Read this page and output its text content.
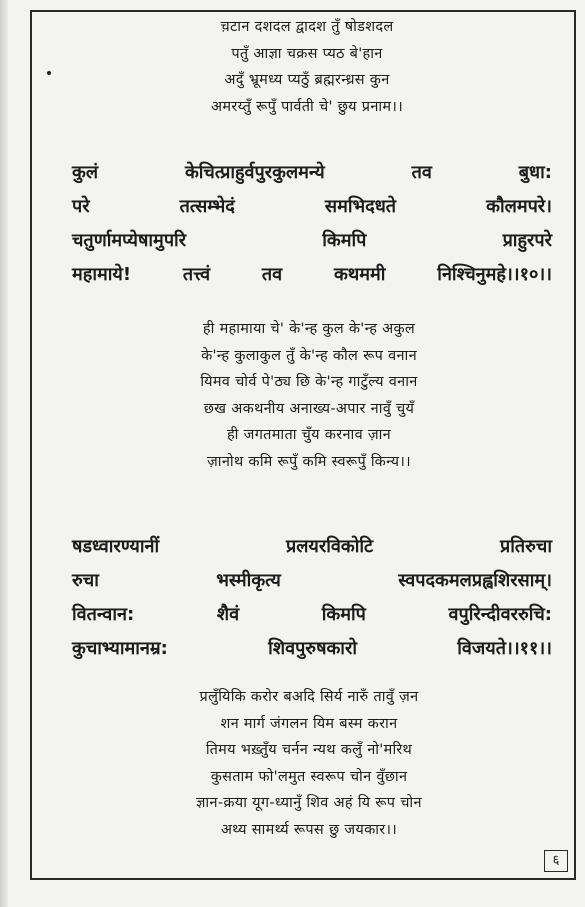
च़टान दशदल द्वादश तुँ षोडशदल
पतुँ आज्ञा चक्रस प्यठ बे'हान
अदुँ भ्रूमध्य प्यठुँ ब्रह्मरन्ध्रस कुन
अमरय्तुँ रूपुँ पार्वती चे' छुय प्रनाम।।
कुलं	केचित्प्राहुर्वपुरकुलमन्ये	तव	बुधा:
परे	तत्सम्भेदं	समभिदधते	कौलमपरे।
चतुर्णामप्येषामुपरि	किमपि	प्राहुरपरे
महामाये!	तत्त्वं	तव	कथममी	निश्चिनुमहे।।१०।।
ही महामाया चे' के'न्ह कुल के'न्ह अकुल
के'न्ह कुलाकुल तुँ के'न्ह कौल रूप वनान
यिमव चोर्व पे'ठ्य छि के'न्ह गाटुँल्य वनान
छख अकथनीय अनाख्य-अपार नावुँ चुयँ
ही जगतमाता चुँय करनाव ज़ान
ज़ानोथ कमि रूपुँ कमि स्वरूपुँ किन्य।।
षडध्वारण्यानीं	प्रलयरविकोटि	प्रतिरुचा
रुचा	भस्मीकृत्य	स्वपदकमलप्रह्वशिरसाम्।
वितन्वान:	शैवं	किमपि	वपुरिन्दीवररुचि:
कुचाभ्यामानम्र:	शिवपुरुषकारो	विजयते।।११।।
प्रलुँयिकि करोर बअदि सिर्य नारुँ तावुँ ज़न
शन मार्ग जंगलन यिम बस्म करान
तिमय भख़्तुँय चर्नन न्यथ कलुँ नो'मरिथ
कुसताम फो'लमुत स्वरूप चोन वुँछान
ज्ञान-क्रया यूग-ध्यानुँ शिव अहं यि रूप चोन
अथ्य सामर्थ्य रूपस छु जयकार।।
६
